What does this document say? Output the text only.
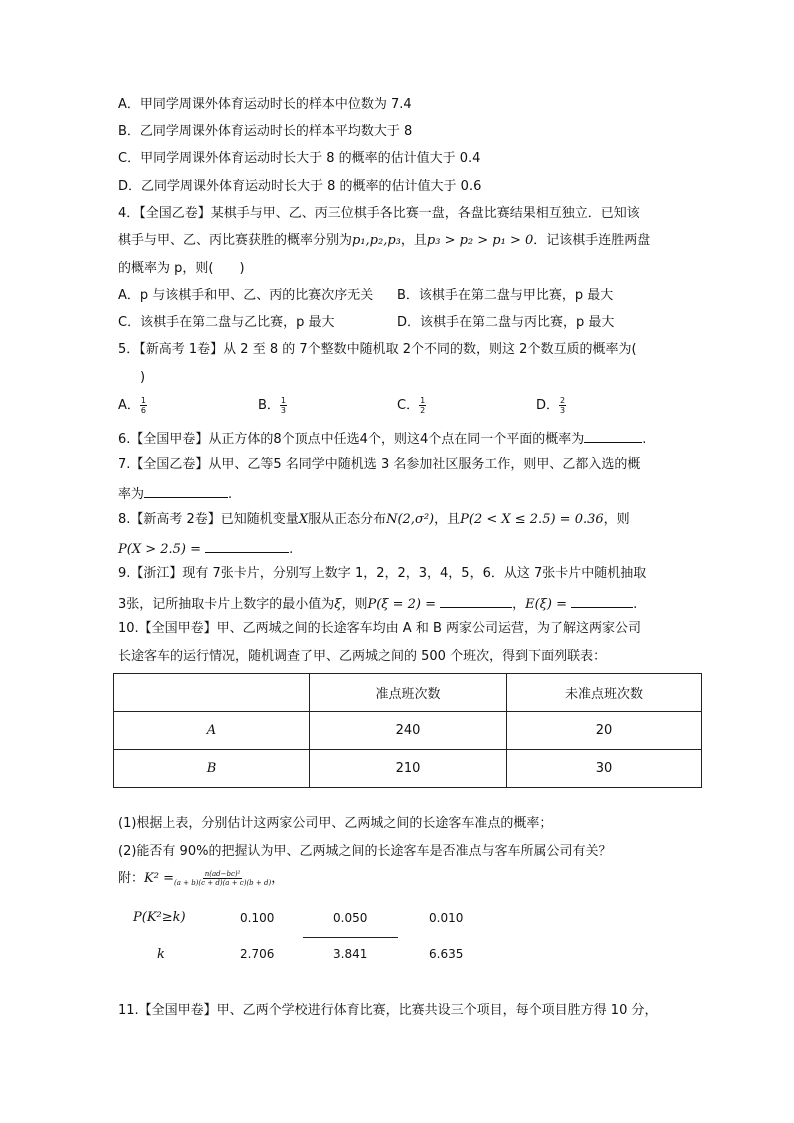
A．甲同学周课外体育运动时长的样本中位数为 7.4
B．乙同学周课外体育运动时长的样本平均数大于 8
C．甲同学周课外体育运动时长大于 8 的概率的估计值大于 0.4
D．乙同学周课外体育运动时长大于 8 的概率的估计值大于 0.6
4．【全国乙卷】某棋手与甲、乙、丙三位棋手各比赛一盘，各盘比赛结果相互独立．已知该
棋手与甲、乙、丙比赛获胜的概率分别为p₁,p₂,p₃，且p₃ > p₂ > p₁ > 0．记该棋手连胜两盘
的概率为 p，则(　　)
A．p 与该棋手和甲、乙、丙的比赛次序无关 B．该棋手在第二盘与甲比赛，p 最大
C．该棋手在第二盘与乙比赛，p 最大	D．该棋手在第二盘与丙比赛，p 最大
5．【新高考 1卷】从 2 至 8 的 7个整数中随机取 2个不同的数，则这 2个数互质的概率为(
)
A． $\frac{1}{6}$	B． $\frac{1}{3}$	C． $\frac{1}{2}$	D． $\frac{2}{3}$
6.【全国甲卷】从正方体的8个顶点中任选4个，则这4个点在同一个平面的概率为	.
7.【全国乙卷】从甲、乙等5 名同学中随机选 3 名参加社区服务工作，则甲、乙都入选的概
率为	.
8.【新高考 2卷】已知随机变量X服从正态分布N(2,σ²)，且P(2 < X ≤ 2.5) = 0.36，则
P(X > 2.5) =	.
9.【浙江】现有 7张卡片，分别写上数字 1，2，2，3，4，5，6．从这 7张卡片中随机抽取
3张，记所抽取卡片上数字的最小值为ξ，则P(ξ = 2) =	，E(ξ) =	.
10.【全国甲卷】甲、乙两城之间的长途客车均由 A 和 B 两家公司运营，为了解这两家公司
长途客车的运行情况，随机调查了甲、乙两城之间的 500 个班次，得到下面列联表：
	准点班次数	未准点班次数
A	240	20
B	210	30
(1)根据上表，分别估计这两家公司甲、乙两城之间的长途客车准点的概率；
(2)能否有 90%的把握认为甲、乙两城之间的长途客车是否准点与客车所属公司有关？
附：$K^2 = \frac{\text{n(ad−bc)²}}{(a + b)(c + d)(a + c)(b + d)}$ ，
P(K²≥k)	0.100	0.050	0.010
k	2.706	3.841	6.635
11.【全国甲卷】甲、乙两个学校进行体育比赛，比赛共设三个项目，每个项目胜方得 10 分，
